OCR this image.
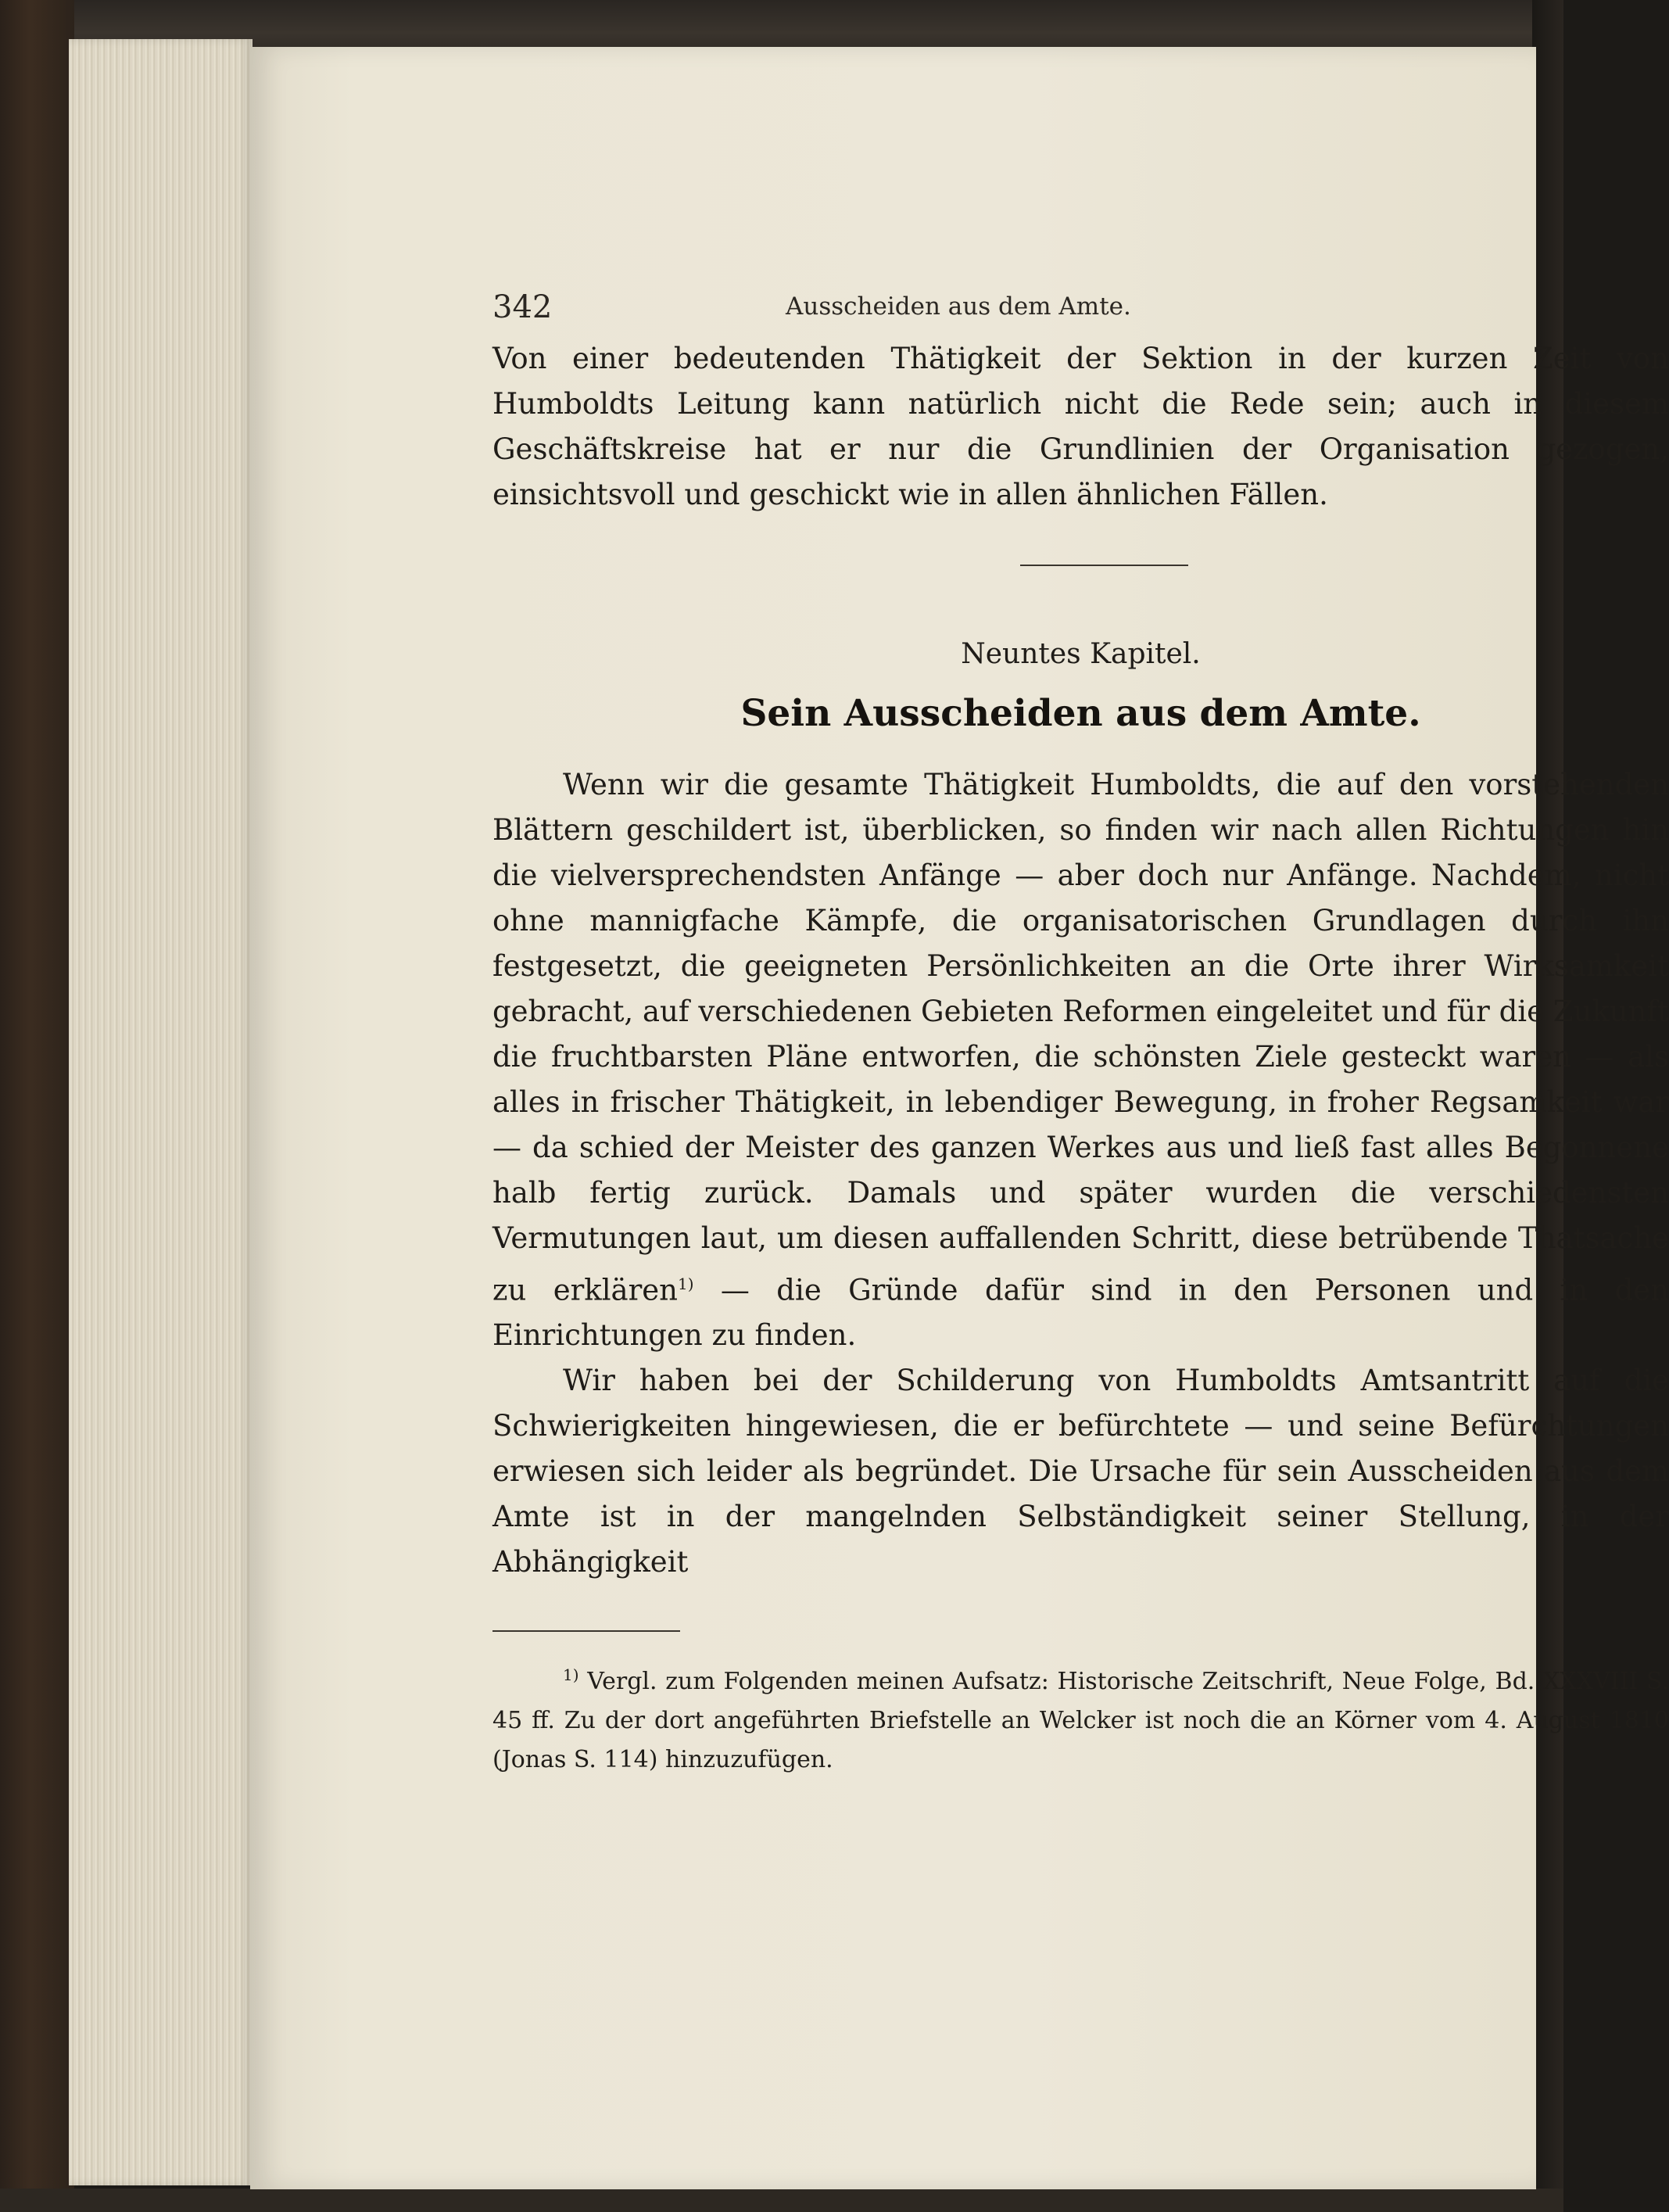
342	Ausscheiden aus dem Amte.

Von einer bedeutenden Thätigkeit der Sektion in der kurzen Zeit von Humboldts Leitung kann natürlich nicht die Rede sein; auch in diesem Geschäftskreise hat er nur die Grundlinien der Organisation gezogen, einsichtsvoll und geschickt wie in allen ähnlichen Fällen.

Neuntes Kapitel.
Sein Ausscheiden aus dem Amte.

Wenn wir die gesamte Thätigkeit Humboldts, die auf den vorstehenden Blättern geschildert ist, überblicken, so finden wir nach allen Richtungen hin die vielversprechendsten Anfänge — aber doch nur Anfänge. Nachdem, nicht ohne mannigfache Kämpfe, die organisatorischen Grundlagen durch ihn festgesetzt, die geeigneten Persönlichkeiten an die Orte ihrer Wirksamkeit gebracht, auf verschiedenen Gebieten Reformen eingeleitet und für die Zukunft die fruchtbarsten Pläne entworfen, die schönsten Ziele gesteckt waren — als alles in frischer Thätigkeit, in lebendiger Bewegung, in froher Regsamkeit war — da schied der Meister des ganzen Werkes aus und ließ fast alles Begonnene halb fertig zurück. Damals und später wurden die verschiedensten Vermutungen laut, um diesen auffallenden Schritt, diese betrübende Thatsache zu erklären$^{1)}$ — die Gründe dafür sind in den Personen und in den Einrichtungen zu finden.

Wir haben bei der Schilderung von Humboldts Amtsantritt auf die Schwierigkeiten hingewiesen, die er befürchtete — und seine Befürchtungen erwiesen sich leider als begründet. Die Ursache für sein Ausscheiden aus dem Amte ist in der mangelnden Selbständigkeit seiner Stellung, in der Abhängigkeit

$^{1)}$ Vergl. zum Folgenden meinen Aufsatz: Historische Zeitschrift, Neue Folge, Bd. XXXVIII S. 45 ff. Zu der dort angeführten Briefstelle an Welcker ist noch die an Körner vom 4. August 1810 (Jonas S. 114) hinzuzufügen.
